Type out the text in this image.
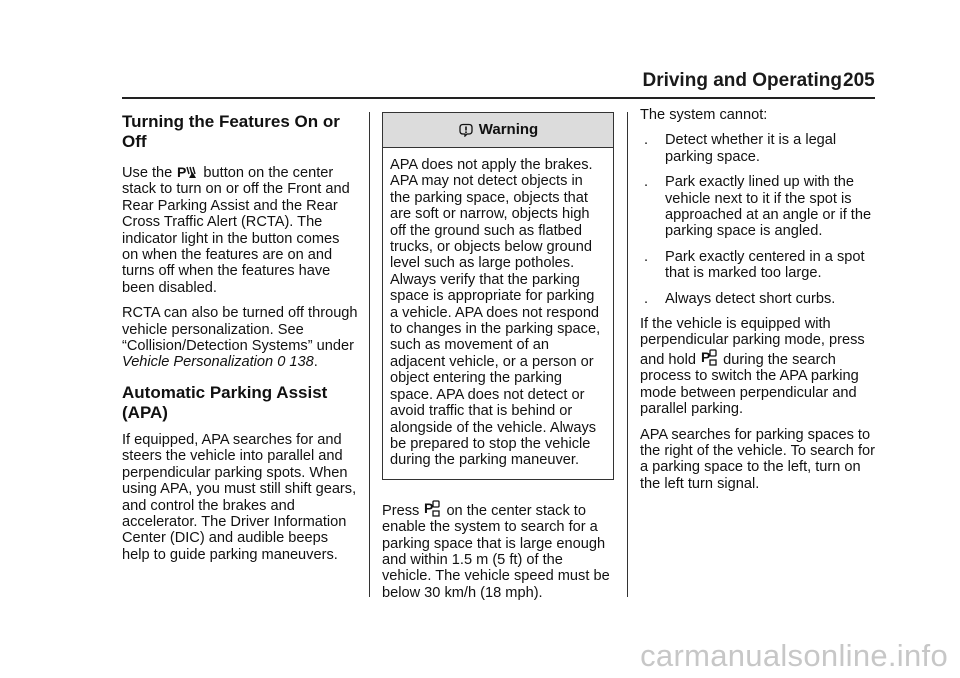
Driving and Operating 205
Turning the Features On or Off

Use the P button on the center stack to turn on or off the Front and Rear Parking Assist and the Rear Cross Traffic Alert (RCTA). The indicator light in the button comes on when the features are on and turns off when the features have been disabled.

RCTA can also be turned off through vehicle personalization. See “Collision/Detection Systems” under Vehicle Personalization 0 138.

Automatic Parking Assist (APA)

If equipped, APA searches for and steers the vehicle into parallel and perpendicular parking spots. When using APA, you must still shift gears, and control the brakes and accelerator. The Driver Information Center (DIC) and audible beeps help to guide parking maneuvers.

Warning
APA does not apply the brakes. APA may not detect objects in the parking space, objects that are soft or narrow, objects high off the ground such as flatbed trucks, or objects below ground level such as large potholes. Always verify that the parking space is appropriate for parking a vehicle. APA does not respond to changes in the parking space, such as movement of an adjacent vehicle, or a person or object entering the parking space. APA does not detect or avoid traffic that is behind or alongside of the vehicle. Always be prepared to stop the vehicle during the parking maneuver.

Press P on the center stack to enable the system to search for a parking space that is large enough and within 1.5 m (5 ft) of the vehicle. The vehicle speed must be below 30 km/h (18 mph).

The system cannot:

.	Detect whether it is a legal parking space.
.	Park exactly lined up with the vehicle next to it if the spot is approached at an angle or if the parking space is angled.
.	Park exactly centered in a spot that is marked too large.
.	Always detect short curbs.

If the vehicle is equipped with perpendicular parking mode, press and hold P during the search process to switch the APA parking mode between perpendicular and parallel parking.

APA searches for parking spaces to the right of the vehicle. To search for a parking space to the left, turn on the left turn signal.

carmanualsonline.info
